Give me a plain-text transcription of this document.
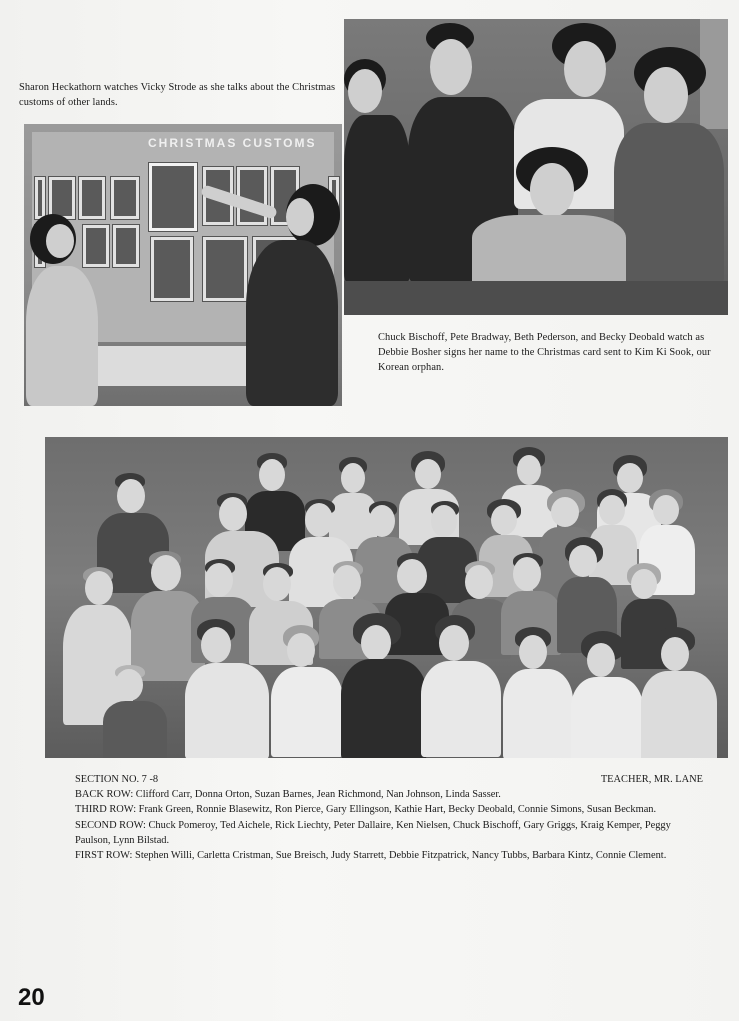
Sharon Heckathorn watches Vicky Strode as she talks about the Christmas customs of other lands.
CHRISTMAS CUSTOMS
Chuck Bischoff, Pete Bradway, Beth Pederson, and Becky Deobald watch as Debbie Bosher signs her name to the Christmas card sent to Kim Ki Sook, our Korean orphan.
SECTION NO. 7 -8	TEACHER, MR. LANE
BACK ROW: Clifford Carr, Donna Orton, Suzan Barnes, Jean Richmond, Nan Johnson, Linda Sasser.
THIRD ROW: Frank Green, Ronnie Blasewitz, Ron Pierce, Gary Ellingson, Kathie Hart, Becky Deobald, Connie Simons, Susan Beckman.
SECOND ROW: Chuck Pomeroy, Ted Aichele, Rick Liechty, Peter Dallaire, Ken Nielsen, Chuck Bischoff, Gary Griggs, Kraig Kemper, Peggy Paulson, Lynn Bilstad.
FIRST ROW: Stephen Willi, Carletta Cristman, Sue Breisch, Judy Starrett, Debbie Fitzpatrick, Nancy Tubbs, Barbara Kintz, Connie Clement.
20
